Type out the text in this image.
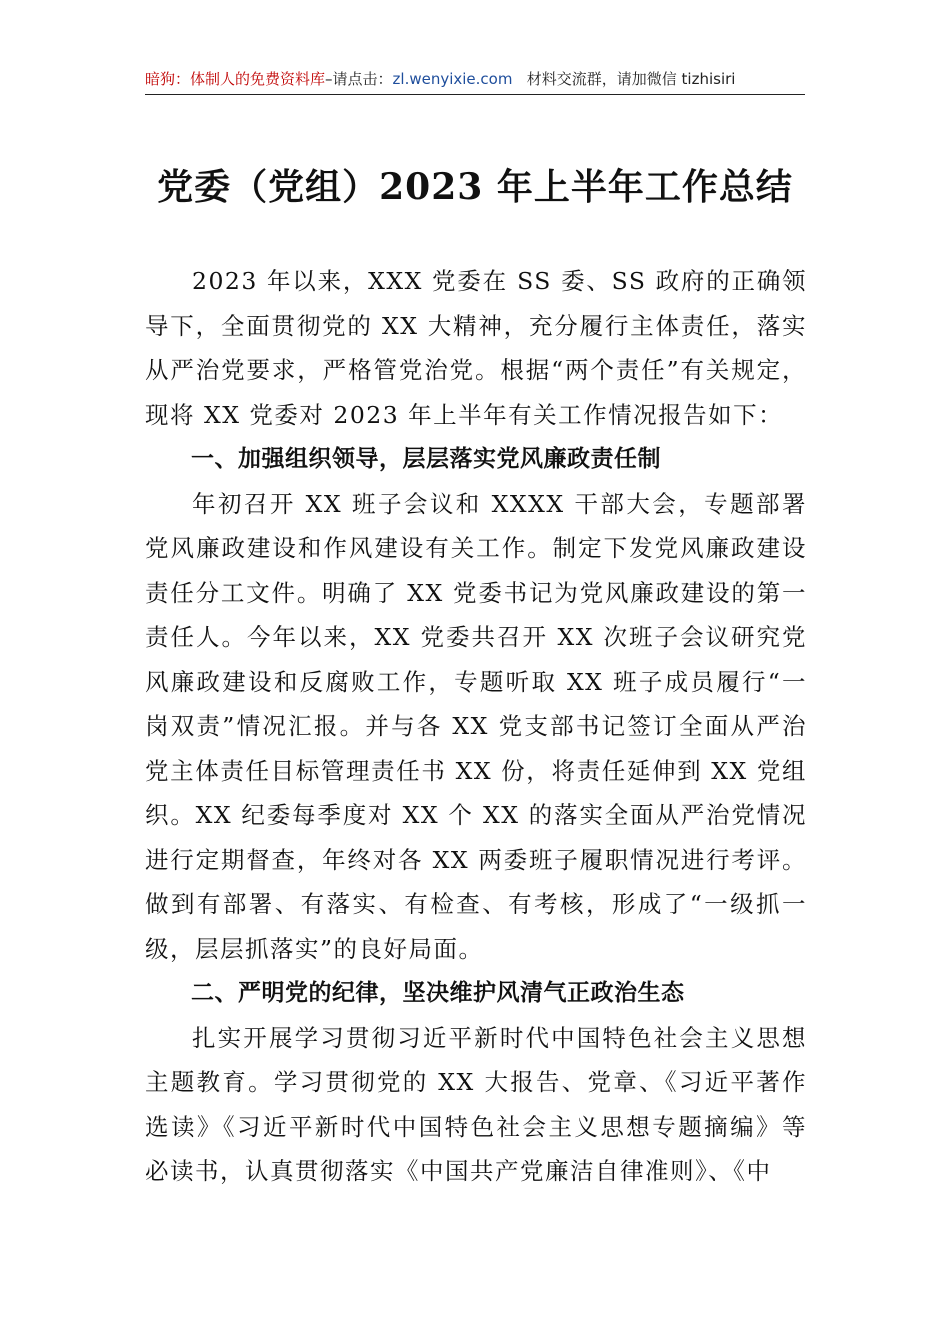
暗狗：体制人的免费资料库–请点击：zl.wenyixie.com 材料交流群，请加微信 tizhisiri
党委（党组）2023 年上半年工作总结

2023 年以来，XXX 党委在 SS 委、SS 政府的正确领导下，全面贯彻党的 XX 大精神，充分履行主体责任，落实从严治党要求，严格管党治党。根据“两个责任”有关规定，现将 XX 党委对 2023 年上半年有关工作情况报告如下：

一、加强组织领导，层层落实党风廉政责任制

年初召开 XX 班子会议和 XXXX 干部大会，专题部署党风廉政建设和作风建设有关工作。制定下发党风廉政建设责任分工文件。明确了 XX 党委书记为党风廉政建设的第一责任人。今年以来，XX 党委共召开 XX 次班子会议研究党风廉政建设和反腐败工作，专题听取 XX 班子成员履行“一岗双责”情况汇报。并与各 XX 党支部书记签订全面从严治党主体责任目标管理责任书 XX 份，将责任延伸到 XX 党组织。XX 纪委每季度对 XX 个 XX 的落实全面从严治党情况进行定期督查，年终对各 XX 两委班子履职情况进行考评。做到有部署、有落实、有检查、有考核，形成了“一级抓一级，层层抓落实”的良好局面。

二、严明党的纪律，坚决维护风清气正政治生态

扎实开展学习贯彻习近平新时代中国特色社会主义思想主题教育。学习贯彻党的 XX 大报告、党章、《习近平著作选读》《习近平新时代中国特色社会主义思想专题摘编》等必读书，认真贯彻落实《中国共产党廉洁自律准则》、《中
